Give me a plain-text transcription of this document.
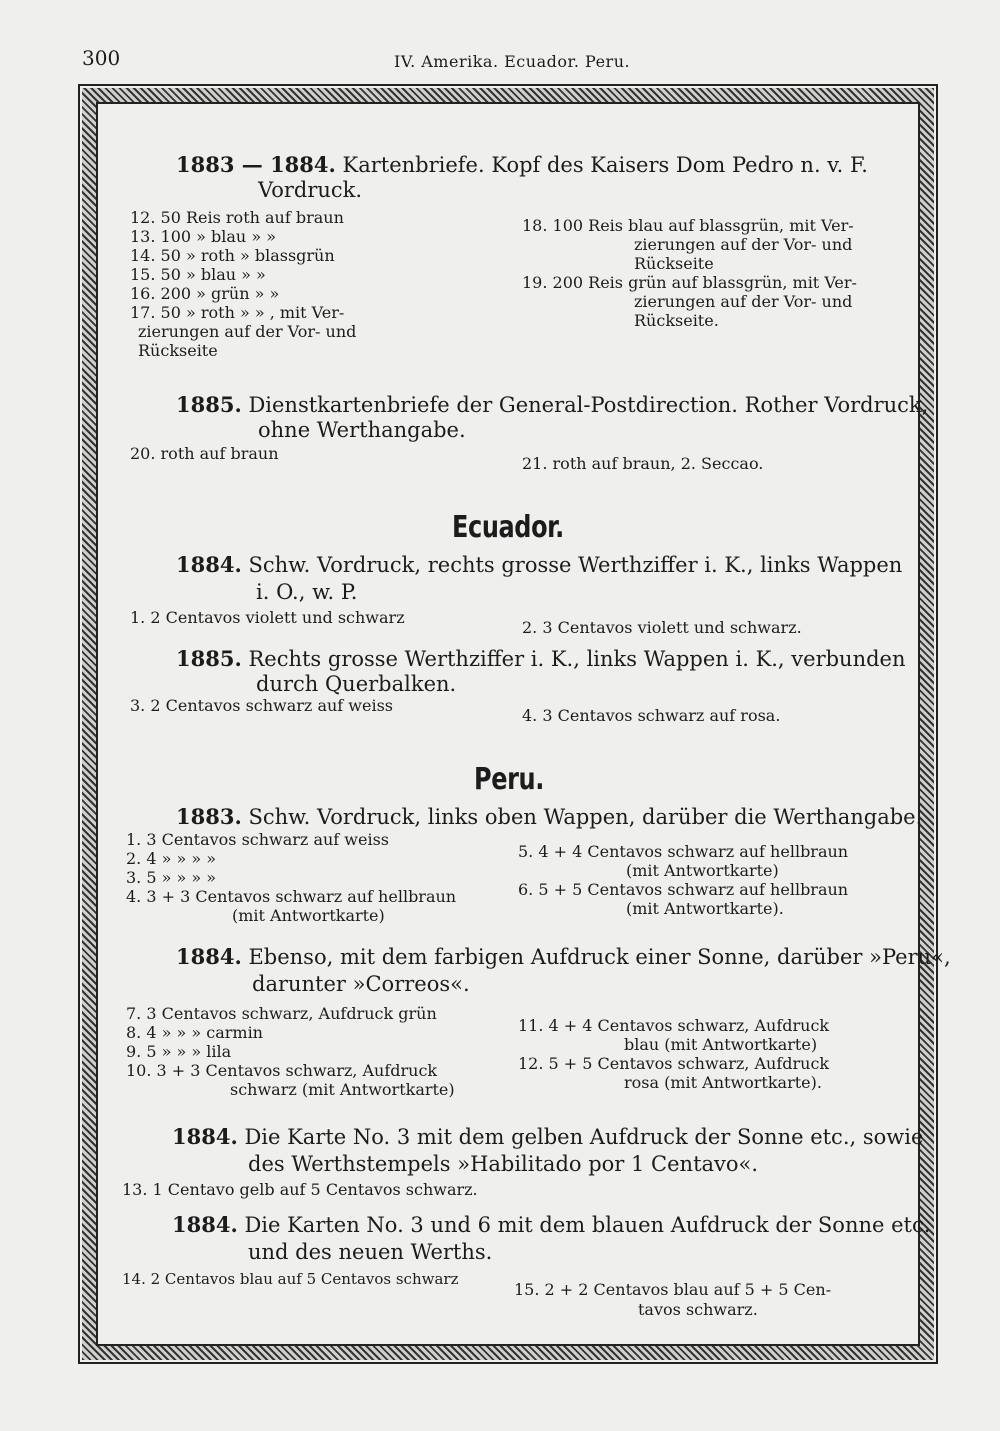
300	IV. Amerika. Ecuador. Peru.
1883 — 1884. Kartenbriefe. Kopf des Kaisers Dom Pedro n. v. F.
Vordruck.
12. 50 Reis roth auf braun
13. 100 » blau » »
14. 50 » roth » blassgrün
15. 50 » blau » »
16. 200 » grün » »
17. 50 » roth » » , mit Ver-
zierungen auf der Vor- und
Rückseite
18. 100 Reis blau auf blassgrün, mit Ver-
zierungen auf der Vor- und
Rückseite
19. 200 Reis grün auf blassgrün, mit Ver-
zierungen auf der Vor- und
Rückseite.
1885. Dienstkartenbriefe der General-Postdirection. Rother Vordruck,
ohne Werthangabe.
20. roth auf braun
21. roth auf braun, 2. Seccao.
Ecuador.
1884. Schw. Vordruck, rechts grosse Werthziffer i. K., links Wappen
i. O., w. P.
1. 2 Centavos violett und schwarz
2. 3 Centavos violett und schwarz.
1885. Rechts grosse Werthziffer i. K., links Wappen i. K., verbunden
durch Querbalken.
3. 2 Centavos schwarz auf weiss
4. 3 Centavos schwarz auf rosa.
Peru.
1883. Schw. Vordruck, links oben Wappen, darüber die Werthangabe.
1. 3 Centavos schwarz auf weiss
2. 4 » » » »
3. 5 » » » »
4. 3 + 3 Centavos schwarz auf hellbraun
(mit Antwortkarte)
5. 4 + 4 Centavos schwarz auf hellbraun
(mit Antwortkarte)
6. 5 + 5 Centavos schwarz auf hellbraun
(mit Antwortkarte).
1884. Ebenso, mit dem farbigen Aufdruck einer Sonne, darüber »Peru«,
darunter »Correos«.
7. 3 Centavos schwarz, Aufdruck grün
8. 4 » » » carmin
9. 5 » » » lila
10. 3 + 3 Centavos schwarz, Aufdruck
schwarz (mit Antwortkarte)
11. 4 + 4 Centavos schwarz, Aufdruck
blau (mit Antwortkarte)
12. 5 + 5 Centavos schwarz, Aufdruck
rosa (mit Antwortkarte).
1884. Die Karte No. 3 mit dem gelben Aufdruck der Sonne etc., sowie
des Werthstempels »Habilitado por 1 Centavo«.
13. 1 Centavo gelb auf 5 Centavos schwarz.
1884. Die Karten No. 3 und 6 mit dem blauen Aufdruck der Sonne etc.
und des neuen Werths.
14. 2 Centavos blau auf 5 Centavos schwarz
15. 2 + 2 Centavos blau auf 5 + 5 Cen-
tavos schwarz.
